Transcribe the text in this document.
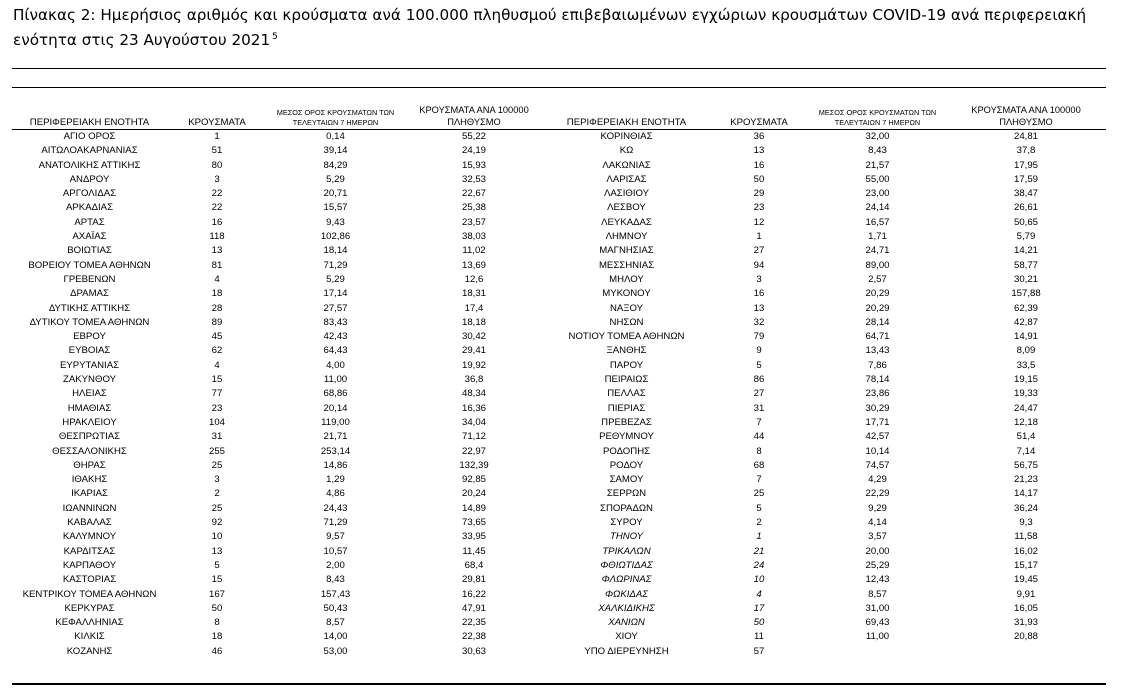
Πίνακας 2: Ημερήσιος αριθμός και κρούσματα ανά 100.000 πληθυσμού επιβεβαιωμένων εγχώριων κρουσμάτων COVID-19 ανά περιφερειακή ενότητα στις 23 Αυγούστου 2021 $^5$
ΠΕΡΙΦΕΡΕΙΑΚΗ ΕΝΟΤΗΤΑ	ΚΡΟΥΣΜΑΤΑ	ΜΕΣΟΣ ΟΡΟΣ ΚΡΟΥΣΜΑΤΩΝ ΤΩΝ ΤΕΛΕΥΤΑΙΩΝ 7 ΗΜΕΡΩΝ	ΚΡΟΥΣΜΑΤΑ ΑΝΑ 100000 ΠΛΗΘΥΣΜΟ	ΠΕΡΙΦΕΡΕΙΑΚΗ ΕΝΟΤΗΤΑ	ΚΡΟΥΣΜΑΤΑ	ΜΕΣΟΣ ΟΡΟΣ ΚΡΟΥΣΜΑΤΩΝ ΤΩΝ ΤΕΛΕΥΤΑΙΩΝ 7 ΗΜΕΡΩΝ	ΚΡΟΥΣΜΑΤΑ ΑΝΑ 100000 ΠΛΗΘΥΣΜΟ
ΑΓΙΟ ΟΡΟΣ	1	0,14	55,22	ΚΟΡΙΝΘΙΑΣ	36	32,00	24,81
ΑΙΤΩΛΟΑΚΑΡΝΑΝΙΑΣ	51	39,14	24,19	ΚΩ	13	8,43	37,8
ΑΝΑΤΟΛΙΚΗΣ ΑΤΤΙΚΗΣ	80	84,29	15,93	ΛΑΚΩΝΙΑΣ	16	21,57	17,95
ΑΝΔΡΟΥ	3	5,29	32,53	ΛΑΡΙΣΑΣ	50	55,00	17,59
ΑΡΓΟΛΙΔΑΣ	22	20,71	22,67	ΛΑΣΙΘΙΟΥ	29	23,00	38,47
ΑΡΚΑΔΙΑΣ	22	15,57	25,38	ΛΕΣΒΟΥ	23	24,14	26,61
ΑΡΤΑΣ	16	9,43	23,57	ΛΕΥΚΑΔΑΣ	12	16,57	50,65
ΑΧΑΪΑΣ	118	102,86	38,03	ΛΗΜΝΟΥ	1	1,71	5,79
ΒΟΙΩΤΙΑΣ	13	18,14	11,02	ΜΑΓΝΗΣΙΑΣ	27	24,71	14,21
ΒΟΡΕΙΟΥ ΤΟΜΕΑ ΑΘΗΝΩΝ	81	71,29	13,69	ΜΕΣΣΗΝΙΑΣ	94	89,00	58,77
ΓΡΕΒΕΝΩΝ	4	5,29	12,6	ΜΗΛΟΥ	3	2,57	30,21
ΔΡΑΜΑΣ	18	17,14	18,31	ΜΥΚΟΝΟΥ	16	20,29	157,88
ΔΥΤΙΚΗΣ ΑΤΤΙΚΗΣ	28	27,57	17,4	ΝΑΞΟΥ	13	20,29	62,39
ΔΥΤΙΚΟΥ ΤΟΜΕΑ ΑΘΗΝΩΝ	89	83,43	18,18	ΝΗΣΩΝ	32	28,14	42,87
ΕΒΡΟΥ	45	42,43	30,42	ΝΟΤΙΟΥ ΤΟΜΕΑ ΑΘΗΝΩΝ	79	64,71	14,91
ΕΥΒΟΙΑΣ	62	64,43	29,41	ΞΑΝΘΗΣ	9	13,43	8,09
ΕΥΡΥΤΑΝΙΑΣ	4	4,00	19,92	ΠΑΡΟΥ	5	7,86	33,5
ΖΑΚΥΝΘΟΥ	15	11,00	36,8	ΠΕΙΡΑΙΩΣ	86	78,14	19,15
ΗΛΕΙΑΣ	77	68,86	48,34	ΠΕΛΛΑΣ	27	23,86	19,33
ΗΜΑΘΙΑΣ	23	20,14	16,36	ΠΙΕΡΙΑΣ	31	30,29	24,47
ΗΡΑΚΛΕΙΟΥ	104	119,00	34,04	ΠΡΕΒΕΖΑΣ	7	17,71	12,18
ΘΕΣΠΡΩΤΙΑΣ	31	21,71	71,12	ΡΕΘΥΜΝΟΥ	44	42,57	51,4
ΘΕΣΣΑΛΟΝΙΚΗΣ	255	253,14	22,97	ΡΟΔΟΠΗΣ	8	10,14	7,14
ΘΗΡΑΣ	25	14,86	132,39	ΡΟΔΟΥ	68	74,57	56,75
ΙΘΑΚΗΣ	3	1,29	92,85	ΣΑΜΟΥ	7	4,29	21,23
ΙΚΑΡΙΑΣ	2	4,86	20,24	ΣΕΡΡΩΝ	25	22,29	14,17
ΙΩΑΝΝΙΝΩΝ	25	24,43	14,89	ΣΠΟΡΑΔΩΝ	5	9,29	36,24
ΚΑΒΑΛΑΣ	92	71,29	73,65	ΣΥΡΟΥ	2	4,14	9,3
ΚΑΛΥΜΝΟΥ	10	9,57	33,95	ΤΗΝΟΥ	1	3,57	11,58
ΚΑΡΔΙΤΣΑΣ	13	10,57	11,45	ΤΡΙΚΑΛΩΝ	21	20,00	16,02
ΚΑΡΠΑΘΟΥ	5	2,00	68,4	ΦΘΙΩΤΙΔΑΣ	24	25,29	15,17
ΚΑΣΤΟΡΙΑΣ	15	8,43	29,81	ΦΛΩΡΙΝΑΣ	10	12,43	19,45
ΚΕΝΤΡΙΚΟΥ ΤΟΜΕΑ ΑΘΗΝΩΝ	167	157,43	16,22	ΦΩΚΙΔΑΣ	4	8,57	9,91
ΚΕΡΚΥΡΑΣ	50	50,43	47,91	ΧΑΛΚΙΔΙΚΗΣ	17	31,00	16,05
ΚΕΦΑΛΛΗΝΙΑΣ	8	8,57	22,35	ΧΑΝΙΩΝ	50	69,43	31,93
ΚΙΛΚΙΣ	18	14,00	22,38	ΧΙΟΥ	11	11,00	20,88
ΚΟΖΑΝΗΣ	46	53,00	30,63	ΥΠΟ ΔΙΕΡΕΥΝΗΣΗ	57		
